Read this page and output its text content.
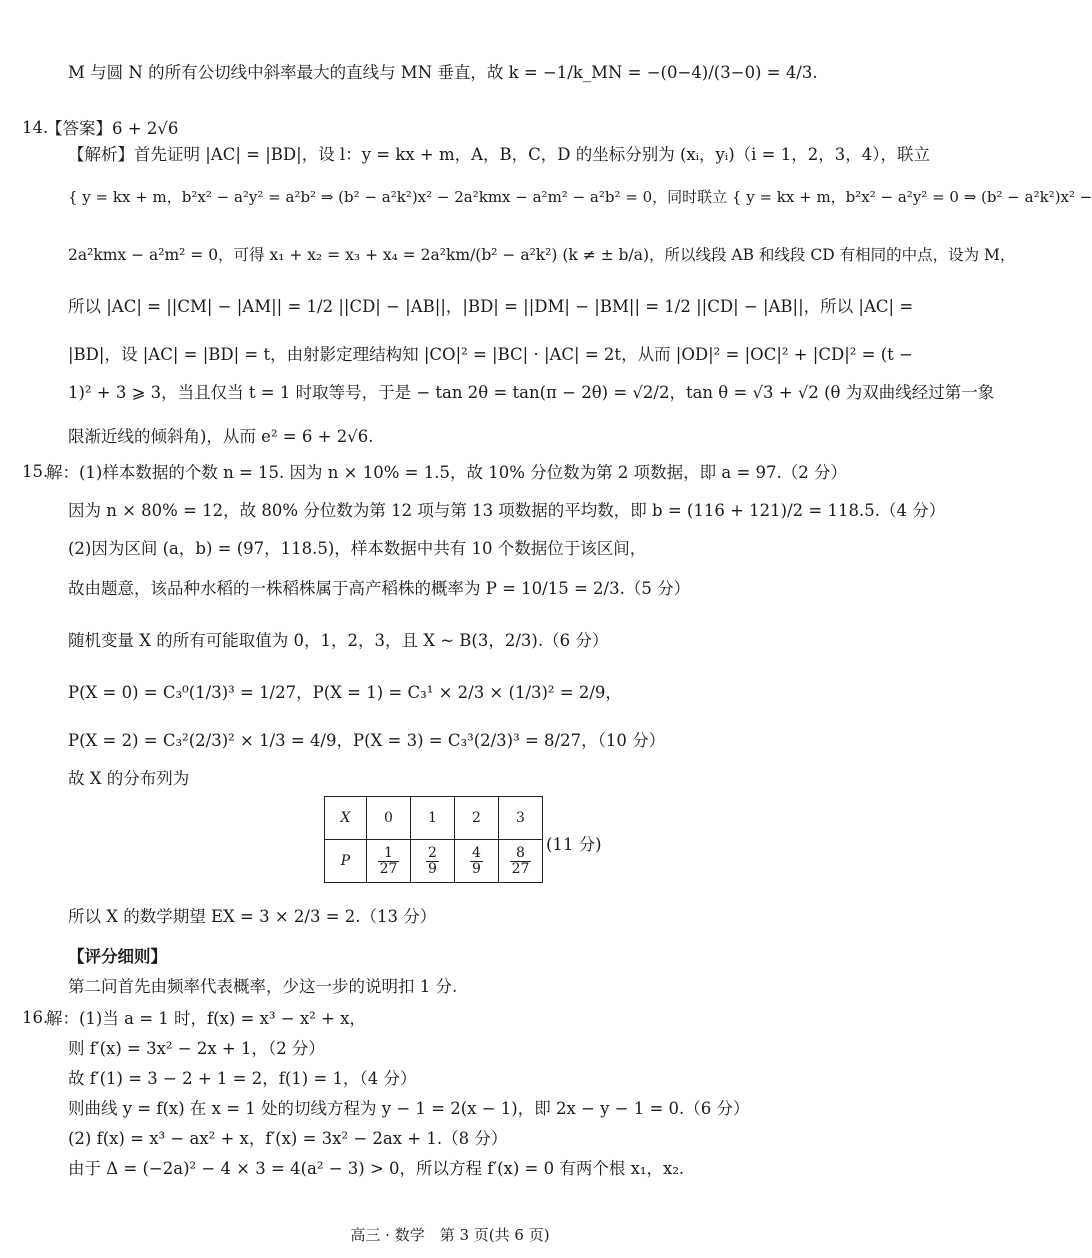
M 与圆 N 的所有公切线中斜率最大的直线与 MN 垂直，故 k = −1/k_MN = −(0−4)/(3−0) = 4/3.
14.
【答案】6 + 2√6
【解析】首先证明 |AC| = |BD|，设 l：y = kx + m，A，B，C，D 的坐标分别为 (xᵢ，yᵢ)（i = 1，2，3，4），联立
{ y = kx + m，b²x² − a²y² = a²b² ⇒ (b² − a²k²)x² − 2a²kmx − a²m² − a²b² = 0，同时联立 { y = kx + m，b²x² − a²y² = 0 ⇒ (b² − a²k²)x² −
2a²kmx − a²m² = 0，可得 x₁ + x₂ = x₃ + x₄ = 2a²km/(b² − a²k²) (k ≠ ± b/a)，所以线段 AB 和线段 CD 有相同的中点，设为 M，
所以 |AC| = ||CM| − |AM|| = 1/2 ||CD| − |AB||，|BD| = ||DM| − |BM|| = 1/2 ||CD| − |AB||，所以 |AC| =
|BD|，设 |AC| = |BD| = t，由射影定理结构知 |CO|² = |BC| · |AC| = 2t，从而 |OD|² = |OC|² + |CD|² = (t −
1)² + 3 ⩾ 3，当且仅当 t = 1 时取等号，于是 − tan 2θ = tan(π − 2θ) = √2/2，tan θ = √3 + √2 (θ 为双曲线经过第一象
限渐近线的倾斜角)，从而 e² = 6 + 2√6.
15.
解：(1)样本数据的个数 n = 15. 因为 n × 10% = 1.5，故 10% 分位数为第 2 项数据，即 a = 97.（2 分）
因为 n × 80% = 12，故 80% 分位数为第 12 项与第 13 项数据的平均数，即 b = (116 + 121)/2 = 118.5.（4 分）
(2)因为区间 (a，b) = (97，118.5)，样本数据中共有 10 个数据位于该区间，
故由题意，该品种水稻的一株稻株属于高产稻株的概率为 P = 10/15 = 2/3.（5 分）
随机变量 X 的所有可能取值为 0，1，2，3，且 X ~ B(3，2/3).（6 分）
P(X = 0) = C₃⁰(1/3)³ = 1/27，P(X = 1) = C₃¹ × 2/3 × (1/3)² = 2/9，
P(X = 2) = C₃²(2/3)² × 1/3 = 4/9，P(X = 3) = C₃³(2/3)³ = 8/27，（10 分）
故 X 的分布列为
X	0	1	2	3
P	$\frac{1}{27}$	$\frac{2}{9}$	$\frac{4}{9}$	$\frac{8}{27}$
(11 分)
所以 X 的数学期望 EX = 3 × 2/3 = 2.（13 分）
【评分细则】
第二问首先由频率代表概率，少这一步的说明扣 1 分.
16.
解：(1)当 a = 1 时，f(x) = x³ − x² + x，
则 f′(x) = 3x² − 2x + 1，（2 分）
故 f′(1) = 3 − 2 + 1 = 2，f(1) = 1，（4 分）
则曲线 y = f(x) 在 x = 1 处的切线方程为 y − 1 = 2(x − 1)，即 2x − y − 1 = 0.（6 分）
(2) f(x) = x³ − ax² + x，f′(x) = 3x² − 2ax + 1.（8 分）
由于 Δ = (−2a)² − 4 × 3 = 4(a² − 3) > 0，所以方程 f′(x) = 0 有两个根 x₁，x₂.
高三 · 数学　第 3 页(共 6 页)
